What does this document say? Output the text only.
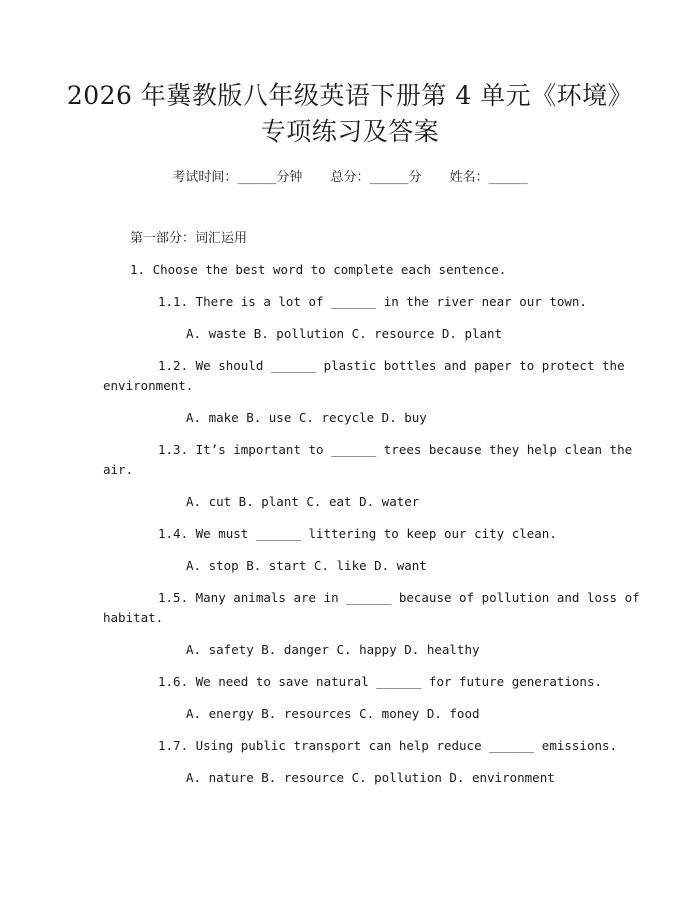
2026 年冀教版八年级英语下册第 4 单元《环境》专项练习及答案
考试时间：______分钟 总分：______分 姓名：______
第一部分：词汇运用
1. Choose the best word to complete each sentence.
1.1. There is a lot of ______ in the river near our town.
A. waste B. pollution C. resource D. plant
1.2. We should ______ plastic bottles and paper to protect the
environment.
A. make B. use C. recycle D. buy
1.3. It’s important to ______ trees because they help clean the
air.
A. cut B. plant C. eat D. water
1.4. We must ______ littering to keep our city clean.
A. stop B. start C. like D. want
1.5. Many animals are in ______ because of pollution and loss of
habitat.
A. safety B. danger C. happy D. healthy
1.6. We need to save natural ______ for future generations.
A. energy B. resources C. money D. food
1.7. Using public transport can help reduce ______ emissions.
A. nature B. resource C. pollution D. environment
